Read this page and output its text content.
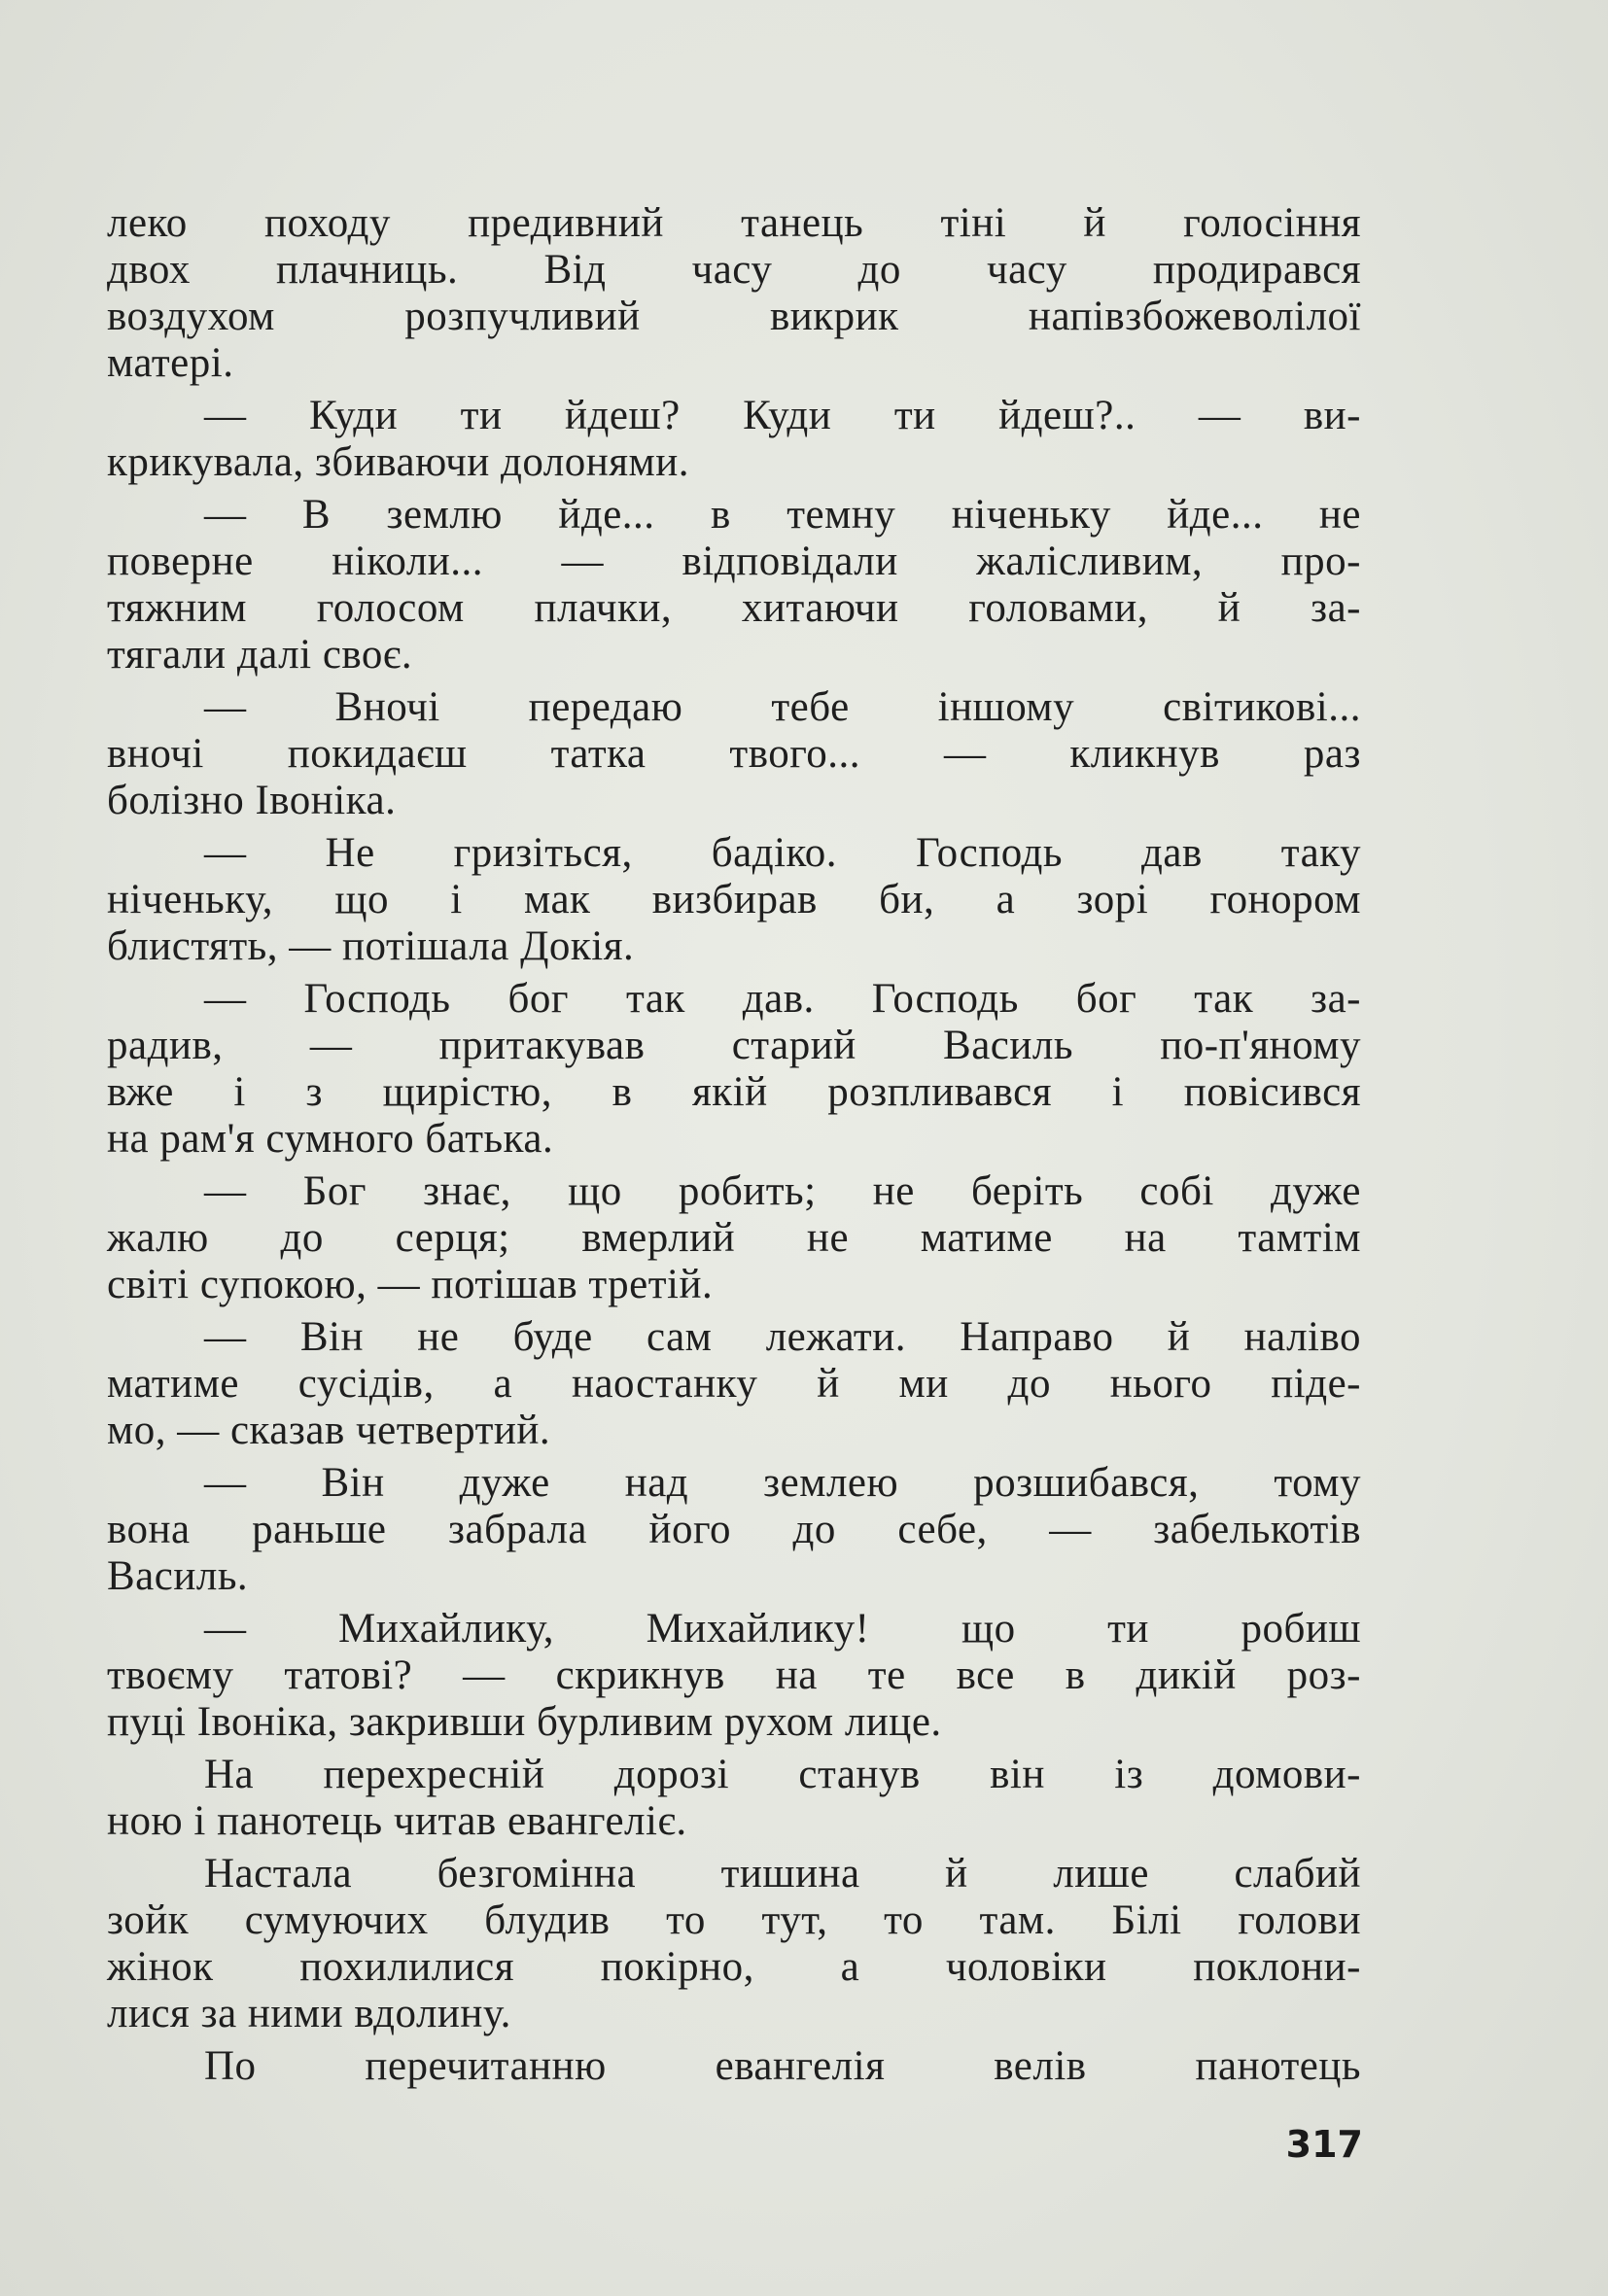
леко походу предивний танець тіні й голосіння
двох плачниць. Від часу до часу продирався
воздухом розпучливий викрик напівзбожеволілої
матері.
— Куди ти йдеш? Куди ти йдеш?.. — ви-
крикувала, збиваючи долонями.
— В землю йде... в темну ніченьку йде... не
поверне ніколи... — відповідали жалісливим, про-
тяжним голосом плачки, хитаючи головами, й за-
тягали далі своє.
— Вночі передаю тебе іншому світикові...
вночі покидаєш татка твого... — кликнув раз
болізно Івоніка.
— Не гризіться, бадіко. Господь дав таку
ніченьку, що і мак визбирав би, а зорі гонором
блистять, — потішала Докія.
— Господь бог так дав. Господь бог так за-
радив, — притакував старий Василь по-п'яному
вже і з щирістю, в якій розпливався і повісився
на рам'я сумного батька.
— Бог знає, що робить; не беріть собі дуже
жалю до серця; вмерлий не матиме на тамтім
світі супокою, — потішав третій.
— Він не буде сам лежати. Направо й наліво
матиме сусідів, а наостанку й ми до нього піде-
мо, — сказав четвертий.
— Він дуже над землею розшибався, тому
вона раньше забрала його до себе, — забелькотів
Василь.
— Михайлику, Михайлику! що ти робиш
твоєму татові? — скрикнув на те все в дикій роз-
пуці Івоніка, закривши бурливим рухом лице.
На перехресній дорозі станув він із домови-
ною і панотець читав евангеліє.
Настала безгомінна тишина й лише слабий
зойк сумуючих блудив то тут, то там. Білі голови
жінок похилилися покірно, а чоловіки поклони-
лися за ними вдолину.
По перечитанню евангелія велів панотець
317
